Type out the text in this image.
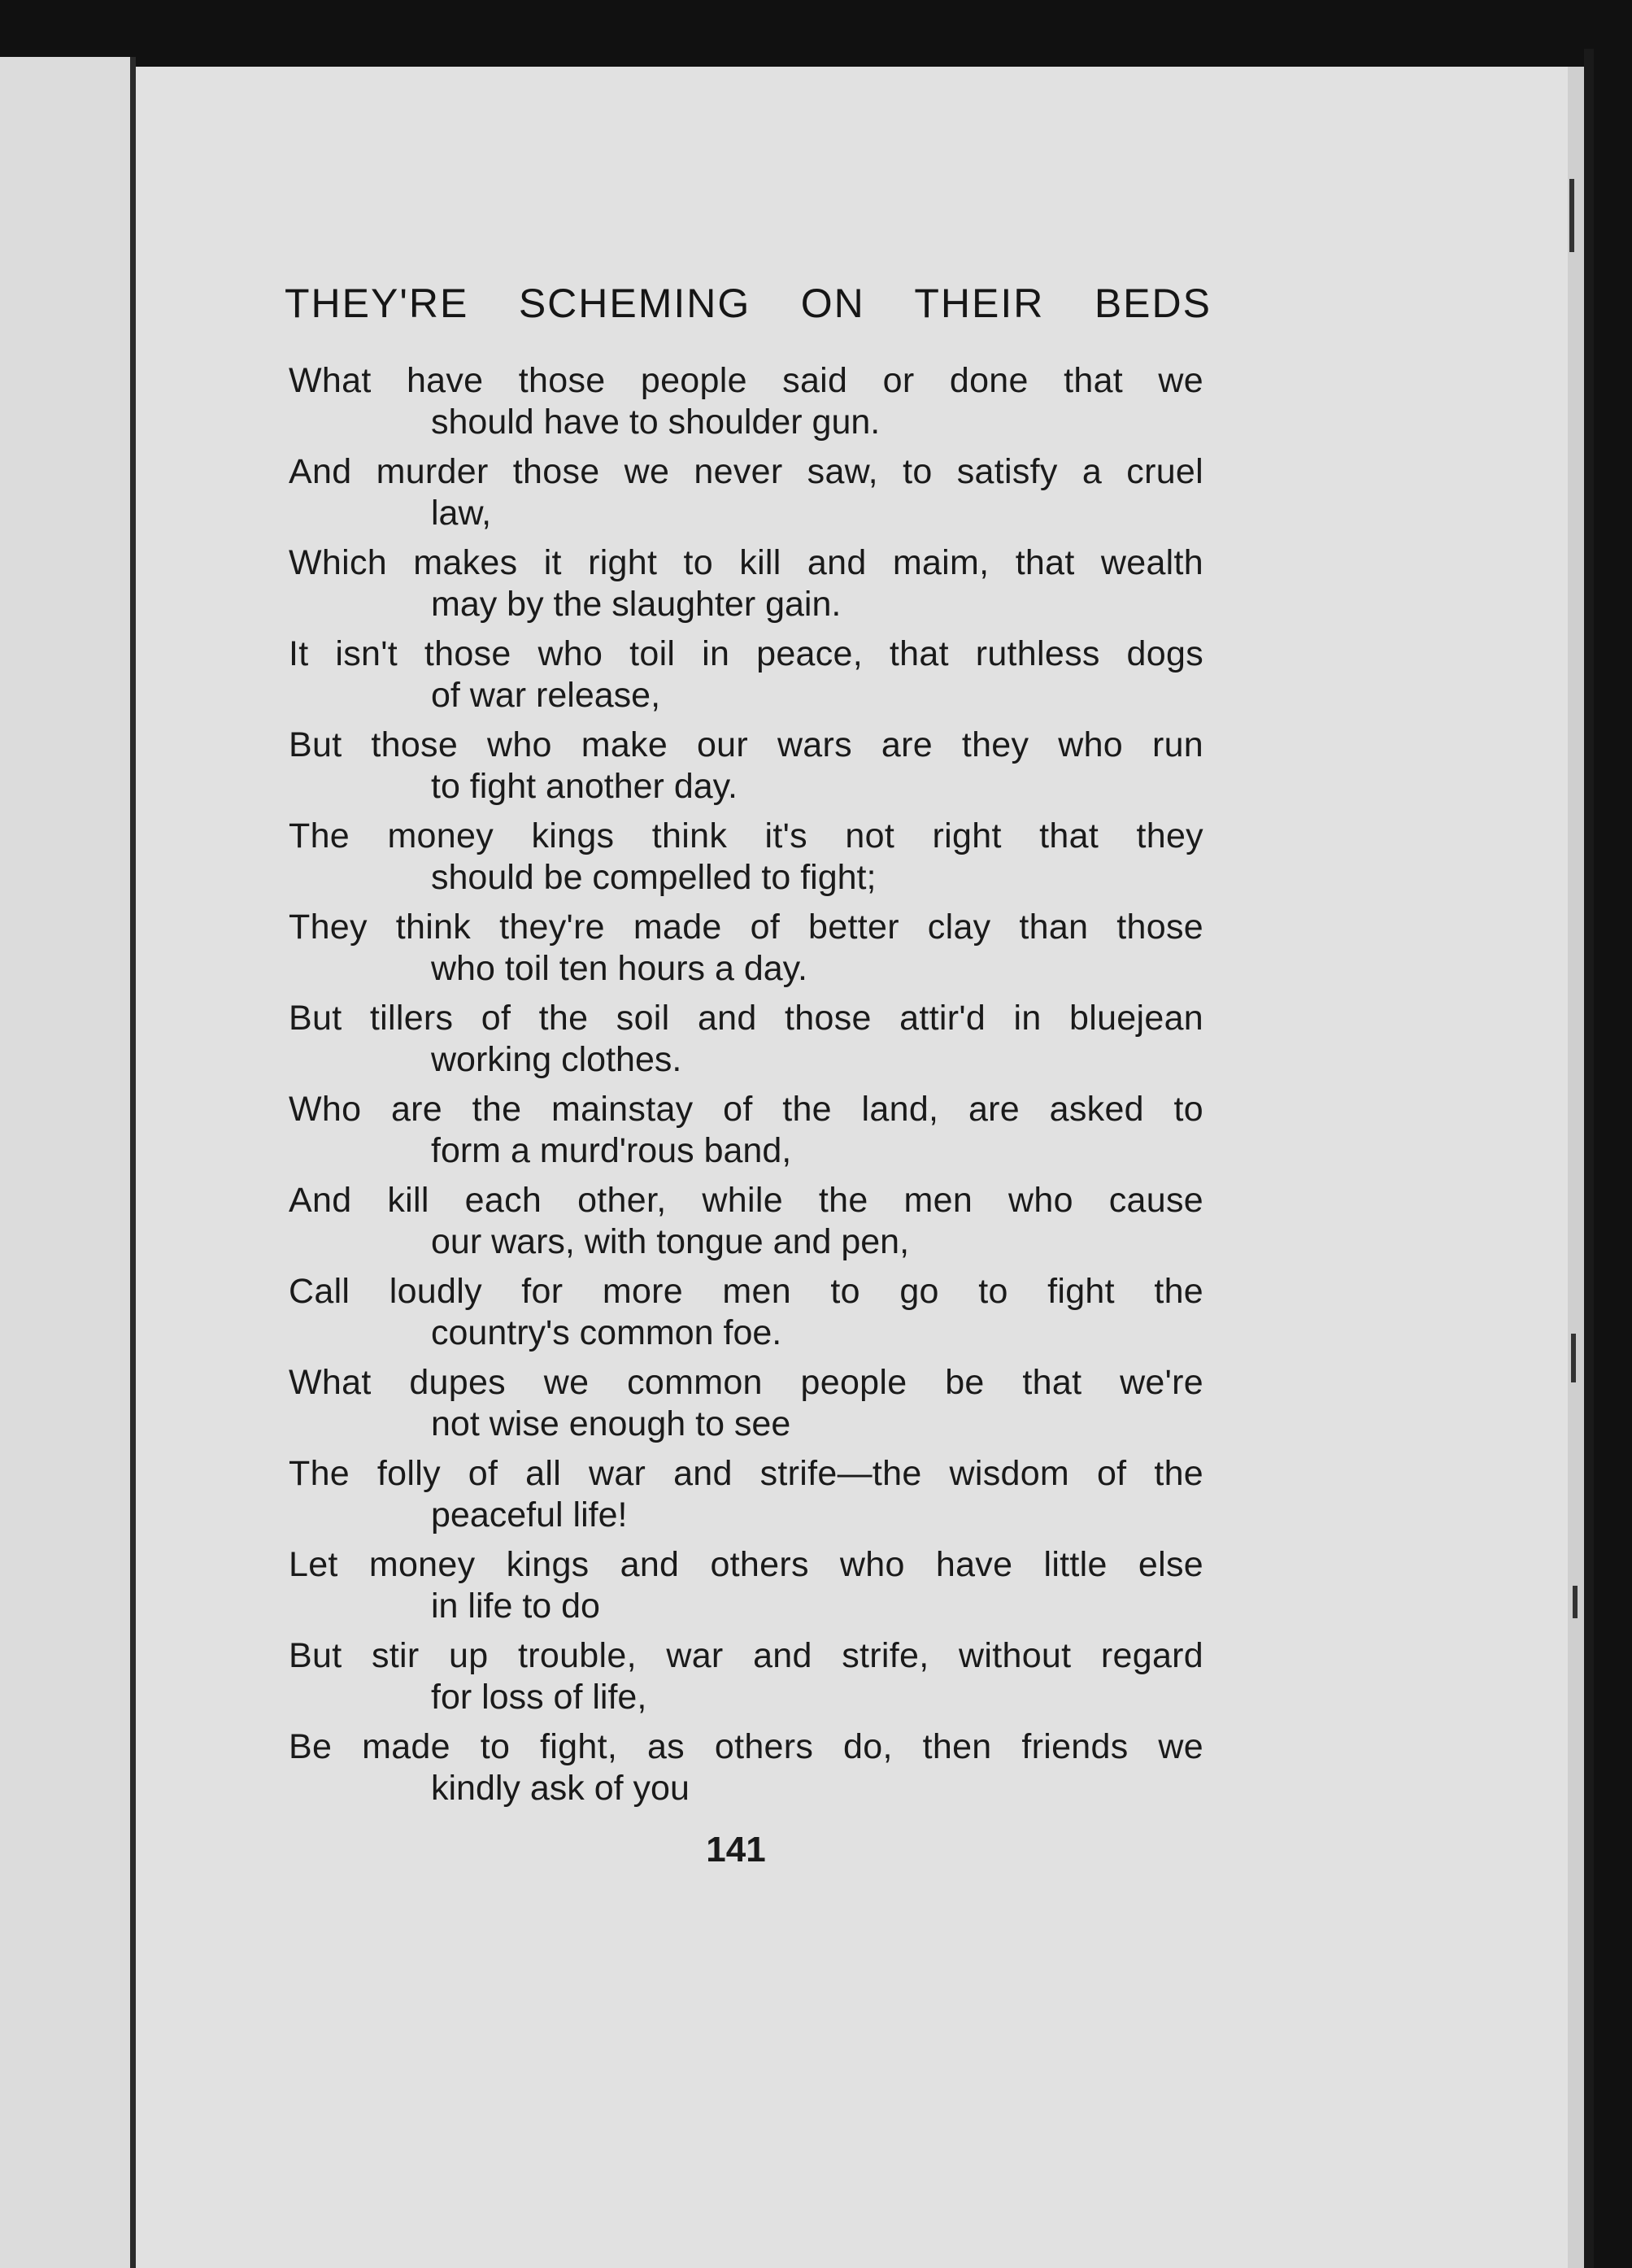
THEY'RE SCHEMING ON THEIR BEDS
What have those people said or done that we
should have to shoulder gun.
And murder those we never saw, to satisfy a cruel
law,
Which makes it right to kill and maim, that wealth
may by the slaughter gain.
It isn't those who toil in peace, that ruthless dogs
of war release,
But those who make our wars are they who run
to fight another day.
The money kings think it's not right that they
should be compelled to fight;
They think they're made of better clay than those
who toil ten hours a day.
But tillers of the soil and those attir'd in bluejean
working clothes.
Who are the mainstay of the land, are asked to
form a murd'rous band,
And kill each other, while the men who cause
our wars, with tongue and pen,
Call loudly for more men to go to fight the
country's common foe.
What dupes we common people be that we're
not wise enough to see
The folly of all war and strife—the wisdom of the
peaceful life!
Let money kings and others who have little else
in life to do
But stir up trouble, war and strife, without regard
for loss of life,
Be made to fight, as others do, then friends we
kindly ask of you
141
